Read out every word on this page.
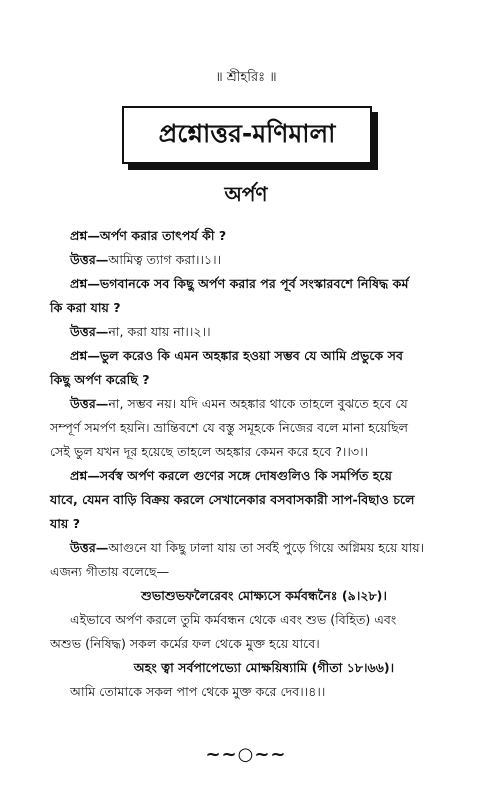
॥ শ্রীহরিঃ ॥
প্রশ্নোত্তর-মণিমালা
অর্পণ
প্রশ্ন—অর্পণ করার তাৎপর্য কী ?
উত্তর—আমিত্ব ত্যাগ করা।।১।।
প্রশ্ন—ভগবানকে সব কিছু অর্পণ করার পর পূর্ব সংস্কারবশে নিষিদ্ধ কর্ম
কি করা যায় ?
উত্তর—না, করা যায় না।।২।।
প্রশ্ন—ভুল করেও কি এমন অহঙ্কার হওয়া সম্ভব যে আমি প্রভুকে সব
কিছু অর্পণ করেছি ?
উত্তর—না, সম্ভব নয়। যদি এমন অহঙ্কার থাকে তাহলে বুঝতে হবে যে
সম্পূর্ণ সমর্পণ হয়নি। ভ্রান্তিবশে যে বস্তু সমূহকে নিজের বলে মানা হয়েছিল
সেই ভুল যখন দূর হয়েছে তাহলে অহঙ্কার কেমন করে হবে ?।।৩।।
প্রশ্ন—সর্বস্ব অর্পণ করলে গুণের সঙ্গে দোষগুলিও কি সমর্পিত হয়ে
যাবে, যেমন বাড়ি বিক্রয় করলে সেখানেকার বসবাসকারী সাপ-বিছাও চলে
যায় ?
উত্তর—আগুনে যা কিছু ঢালা যায় তা সর্বই পুড়ে গিয়ে অগ্নিময় হয়ে যায়।
এজন্য গীতায় বলেছে—
শুভাশুভফলৈরেবং মোক্ষ্যসে কর্মবন্ধনৈঃ (৯।২৮)।
এইভাবে অর্পণ করলে তুমি কর্মবন্ধন থেকে এবং শুভ (বিহিত) এবং
অশুভ (নিষিদ্ধ) সকল কর্মের ফল থেকে মুক্ত হয়ে যাবে।
অহং ত্বা সর্বপাপেভ্যো মোক্ষয়িষ্যামি (গীতা ১৮।৬৬)।
আমি তোমাকে সকল পাপ থেকে মুক্ত করে দেব।।৪।।
~~○~~
